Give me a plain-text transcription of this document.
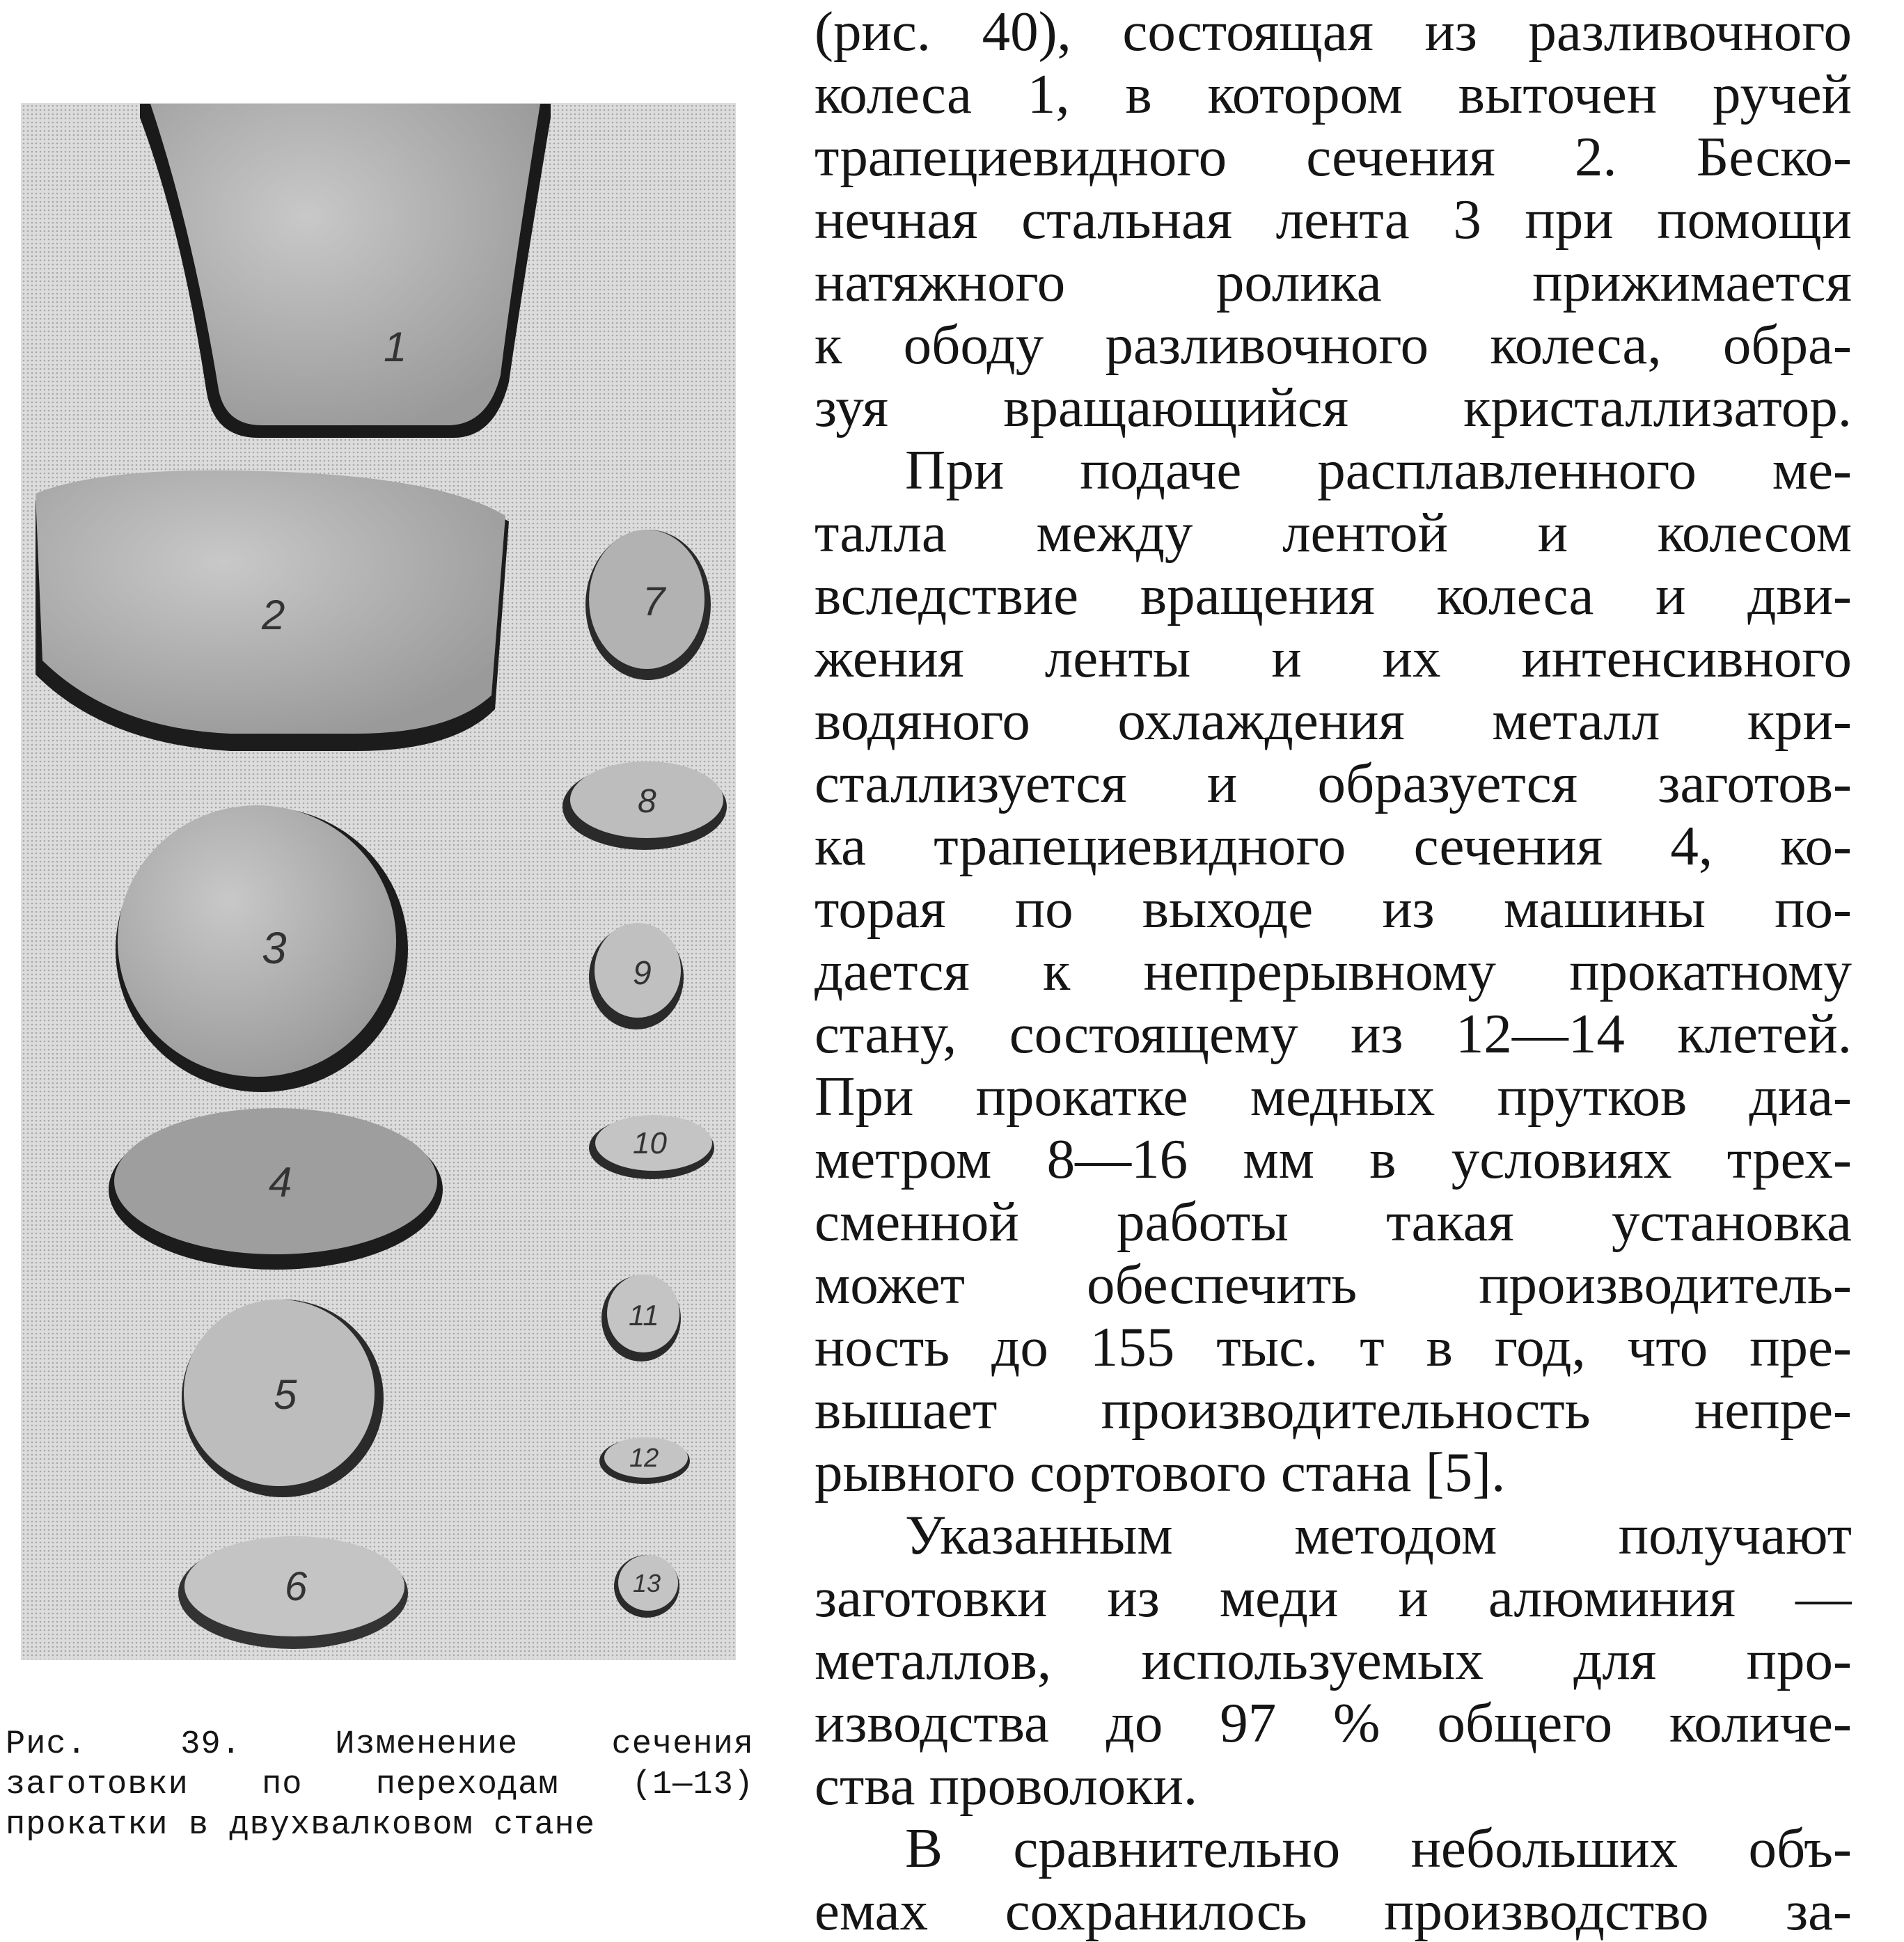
1
2
3
4
5
6
7
8
9
10
11
12
13
Рис. 39. Изменение сечения
заготовки по переходам (1—13)
прокатки в двухвалковом стане
(рис. 40), состоящая из разливочного
колеса 1, в котором выточен ручей
трапециевидного сечения 2. Беско-
нечная стальная лента 3 при помощи
натяжного ролика прижимается
к ободу разливочного колеса, обра-
зуя вращающийся кристаллизатор.
При подаче расплавленного ме-
талла между лентой и колесом
вследствие вращения колеса и дви-
жения ленты и их интенсивного
водяного охлаждения металл кри-
сталлизуется и образуется заготов-
ка трапециевидного сечения 4, ко-
торая по выходе из машины по-
дается к непрерывному прокатному
стану, состоящему из 12—14 клетей.
При прокатке медных прутков диа-
метром 8—16 мм в условиях трех-
сменной работы такая установка
может обеспечить производитель-
ность до 155 тыс. т в год, что пре-
вышает производительность непре-
рывного сортового стана [5].
Указанным методом получают
заготовки из меди и алюминия —
металлов, используемых для про-
изводства до 97 % общего количе-
ства проволоки.
В сравнительно небольших объ-
емах сохранилось производство за-
